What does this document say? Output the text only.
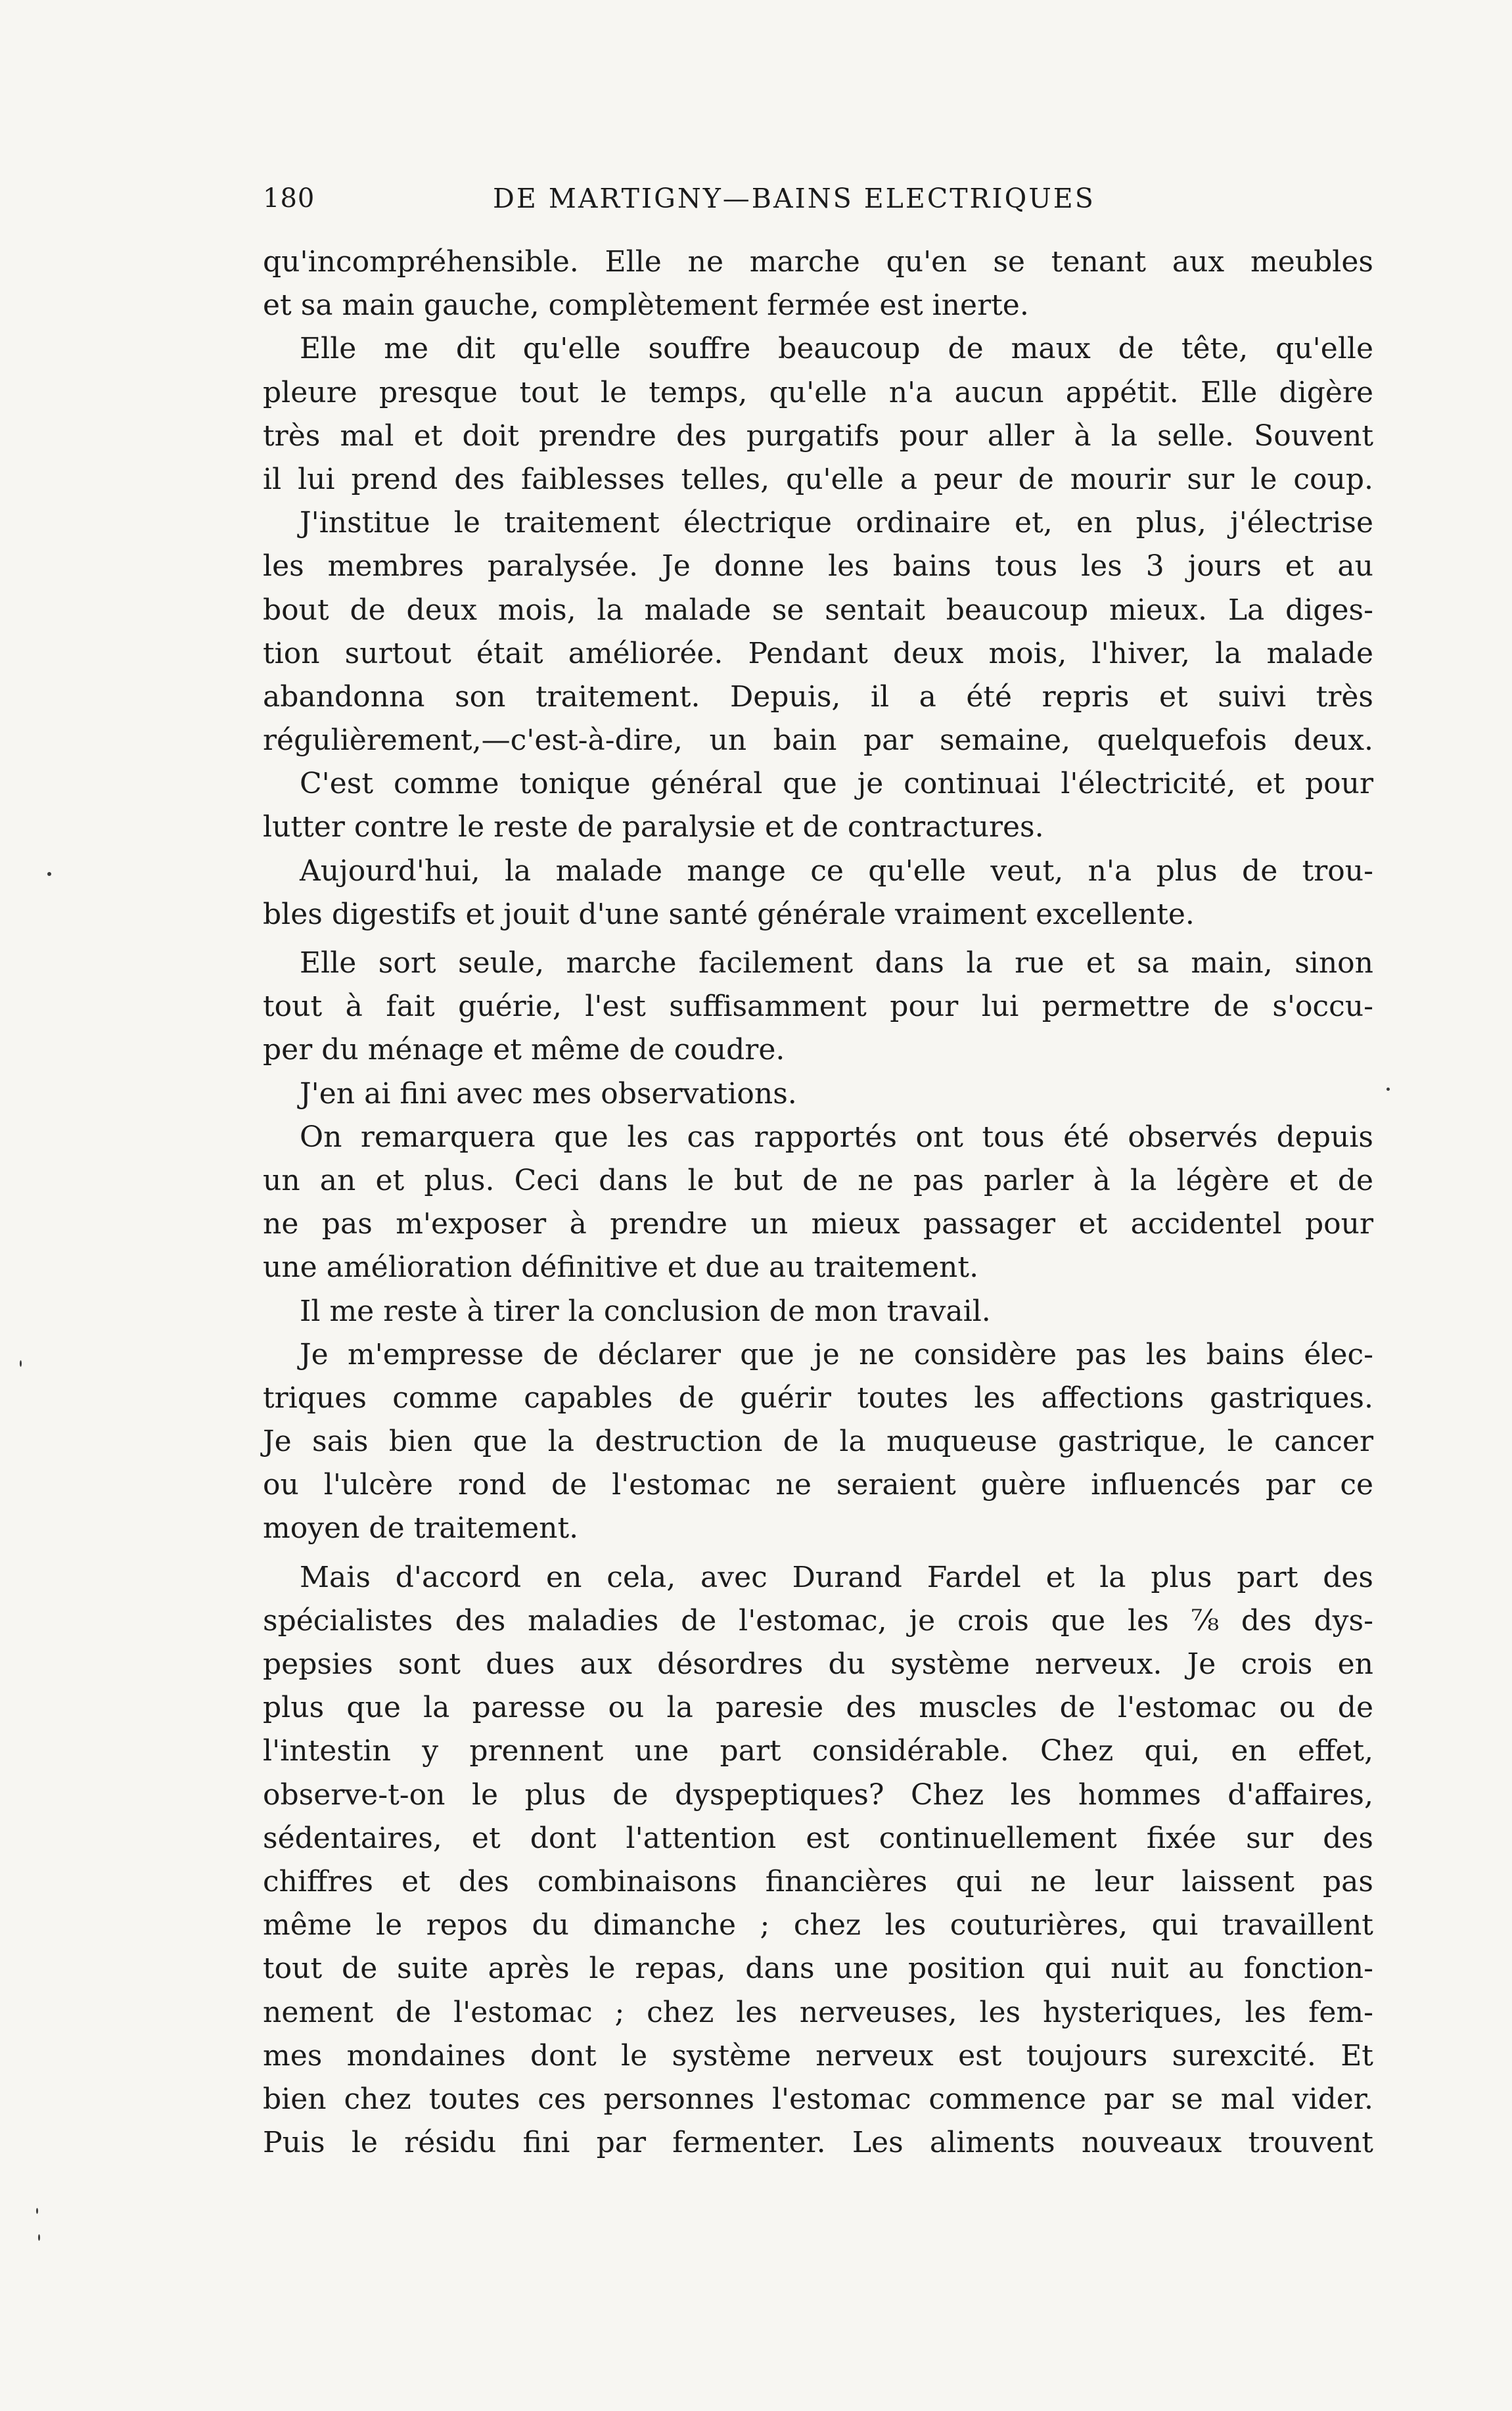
180	DE MARTIGNY—BAINS ELECTRIQUES
qu'incompréhensible. Elle ne marche qu'en se tenant aux meubles
et sa main gauche, complètement fermée est inerte.
Elle me dit qu'elle souffre beaucoup de maux de tête, qu'elle
pleure presque tout le temps, qu'elle n'a aucun appétit. Elle digère
très mal et doit prendre des purgatifs pour aller à la selle. Souvent
il lui prend des faiblesses telles, qu'elle a peur de mourir sur le coup.
J'institue le traitement électrique ordinaire et, en plus, j'électrise
les membres paralysée. Je donne les bains tous les 3 jours et au
bout de deux mois, la malade se sentait beaucoup mieux. La diges-
tion surtout était améliorée. Pendant deux mois, l'hiver, la malade
abandonna son traitement. Depuis, il a été repris et suivi très
régulièrement,—c'est-à-dire, un bain par semaine, quelquefois deux.
C'est comme tonique général que je continuai l'électricité, et pour
lutter contre le reste de paralysie et de contractures.
Aujourd'hui, la malade mange ce qu'elle veut, n'a plus de trou-
bles digestifs et jouit d'une santé générale vraiment excellente.
Elle sort seule, marche facilement dans la rue et sa main, sinon
tout à fait guérie, l'est suffisamment pour lui permettre de s'occu-
per du ménage et même de coudre.
J'en ai fini avec mes observations.
On remarquera que les cas rapportés ont tous été observés depuis
un an et plus. Ceci dans le but de ne pas parler à la légère et de
ne pas m'exposer à prendre un mieux passager et accidentel pour
une amélioration définitive et due au traitement.
Il me reste à tirer la conclusion de mon travail.
Je m'empresse de déclarer que je ne considère pas les bains élec-
triques comme capables de guérir toutes les affections gastriques.
Je sais bien que la destruction de la muqueuse gastrique, le cancer
ou l'ulcère rond de l'estomac ne seraient guère influencés par ce
moyen de traitement.
Mais d'accord en cela, avec Durand Fardel et la plus part des
spécialistes des maladies de l'estomac, je crois que les ⅞ des dys-
pepsies sont dues aux désordres du système nerveux. Je crois en
plus que la paresse ou la paresie des muscles de l'estomac ou de
l'intestin y prennent une part considérable. Chez qui, en effet,
observe-t-on le plus de dyspeptiques? Chez les hommes d'affaires,
sédentaires, et dont l'attention est continuellement fixée sur des
chiffres et des combinaisons financières qui ne leur laissent pas
même le repos du dimanche ; chez les couturières, qui travaillent
tout de suite après le repas, dans une position qui nuit au fonction-
nement de l'estomac ; chez les nerveuses, les hysteriques, les fem-
mes mondaines dont le système nerveux est toujours surexcité. Et
bien chez toutes ces personnes l'estomac commence par se mal vider.
Puis le résidu fini par fermenter. Les aliments nouveaux trouvent
